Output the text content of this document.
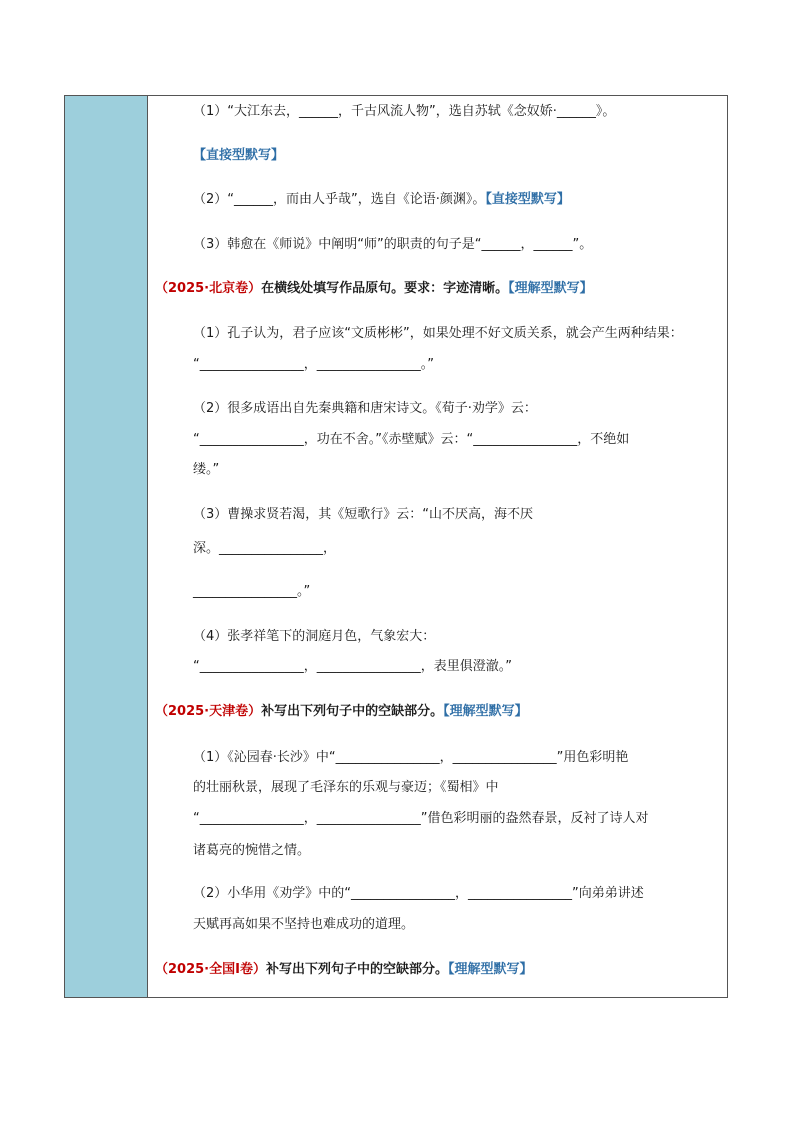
（1）“大江东去，______，千古风流人物”，选自苏轼《念奴娇·______》。
【直接型默写】
（2）“______，而由人乎哉”，选自《论语·颜渊》。【直接型默写】
（3）韩愈在《师说》中阐明“师”的职责的句子是“______，______”。
（2025·北京卷）在横线处填写作品原句。要求：字迹清晰。【理解型默写】
（1）孔子认为，君子应该“文质彬彬”，如果处理不好文质关系，就会产生两种结果：
“________________，________________。”
（2）很多成语出自先秦典籍和唐宋诗文。《荀子·劝学》云：
“________________，功在不舍。”《赤壁赋》云：“________________，不绝如
缕。”
（3）曹操求贤若渴，其《短歌行》云：“山不厌高，海不厌
深。________________，
________________。”
（4）张孝祥笔下的洞庭月色，气象宏大：
“________________，________________，表里俱澄澈。”
（2025·天津卷）补写出下列句子中的空缺部分。【理解型默写】
（1）《沁园春·长沙》中“________________，________________”用色彩明艳
的壮丽秋景，展现了毛泽东的乐观与豪迈；《蜀相》中
“________________，________________”借色彩明丽的盎然春景，反衬了诗人对
诸葛亮的惋惜之情。
（2）小华用《劝学》中的“________________，________________”向弟弟讲述
天赋再高如果不坚持也难成功的道理。
（2025·全国Ⅰ卷）补写出下列句子中的空缺部分。【理解型默写】
